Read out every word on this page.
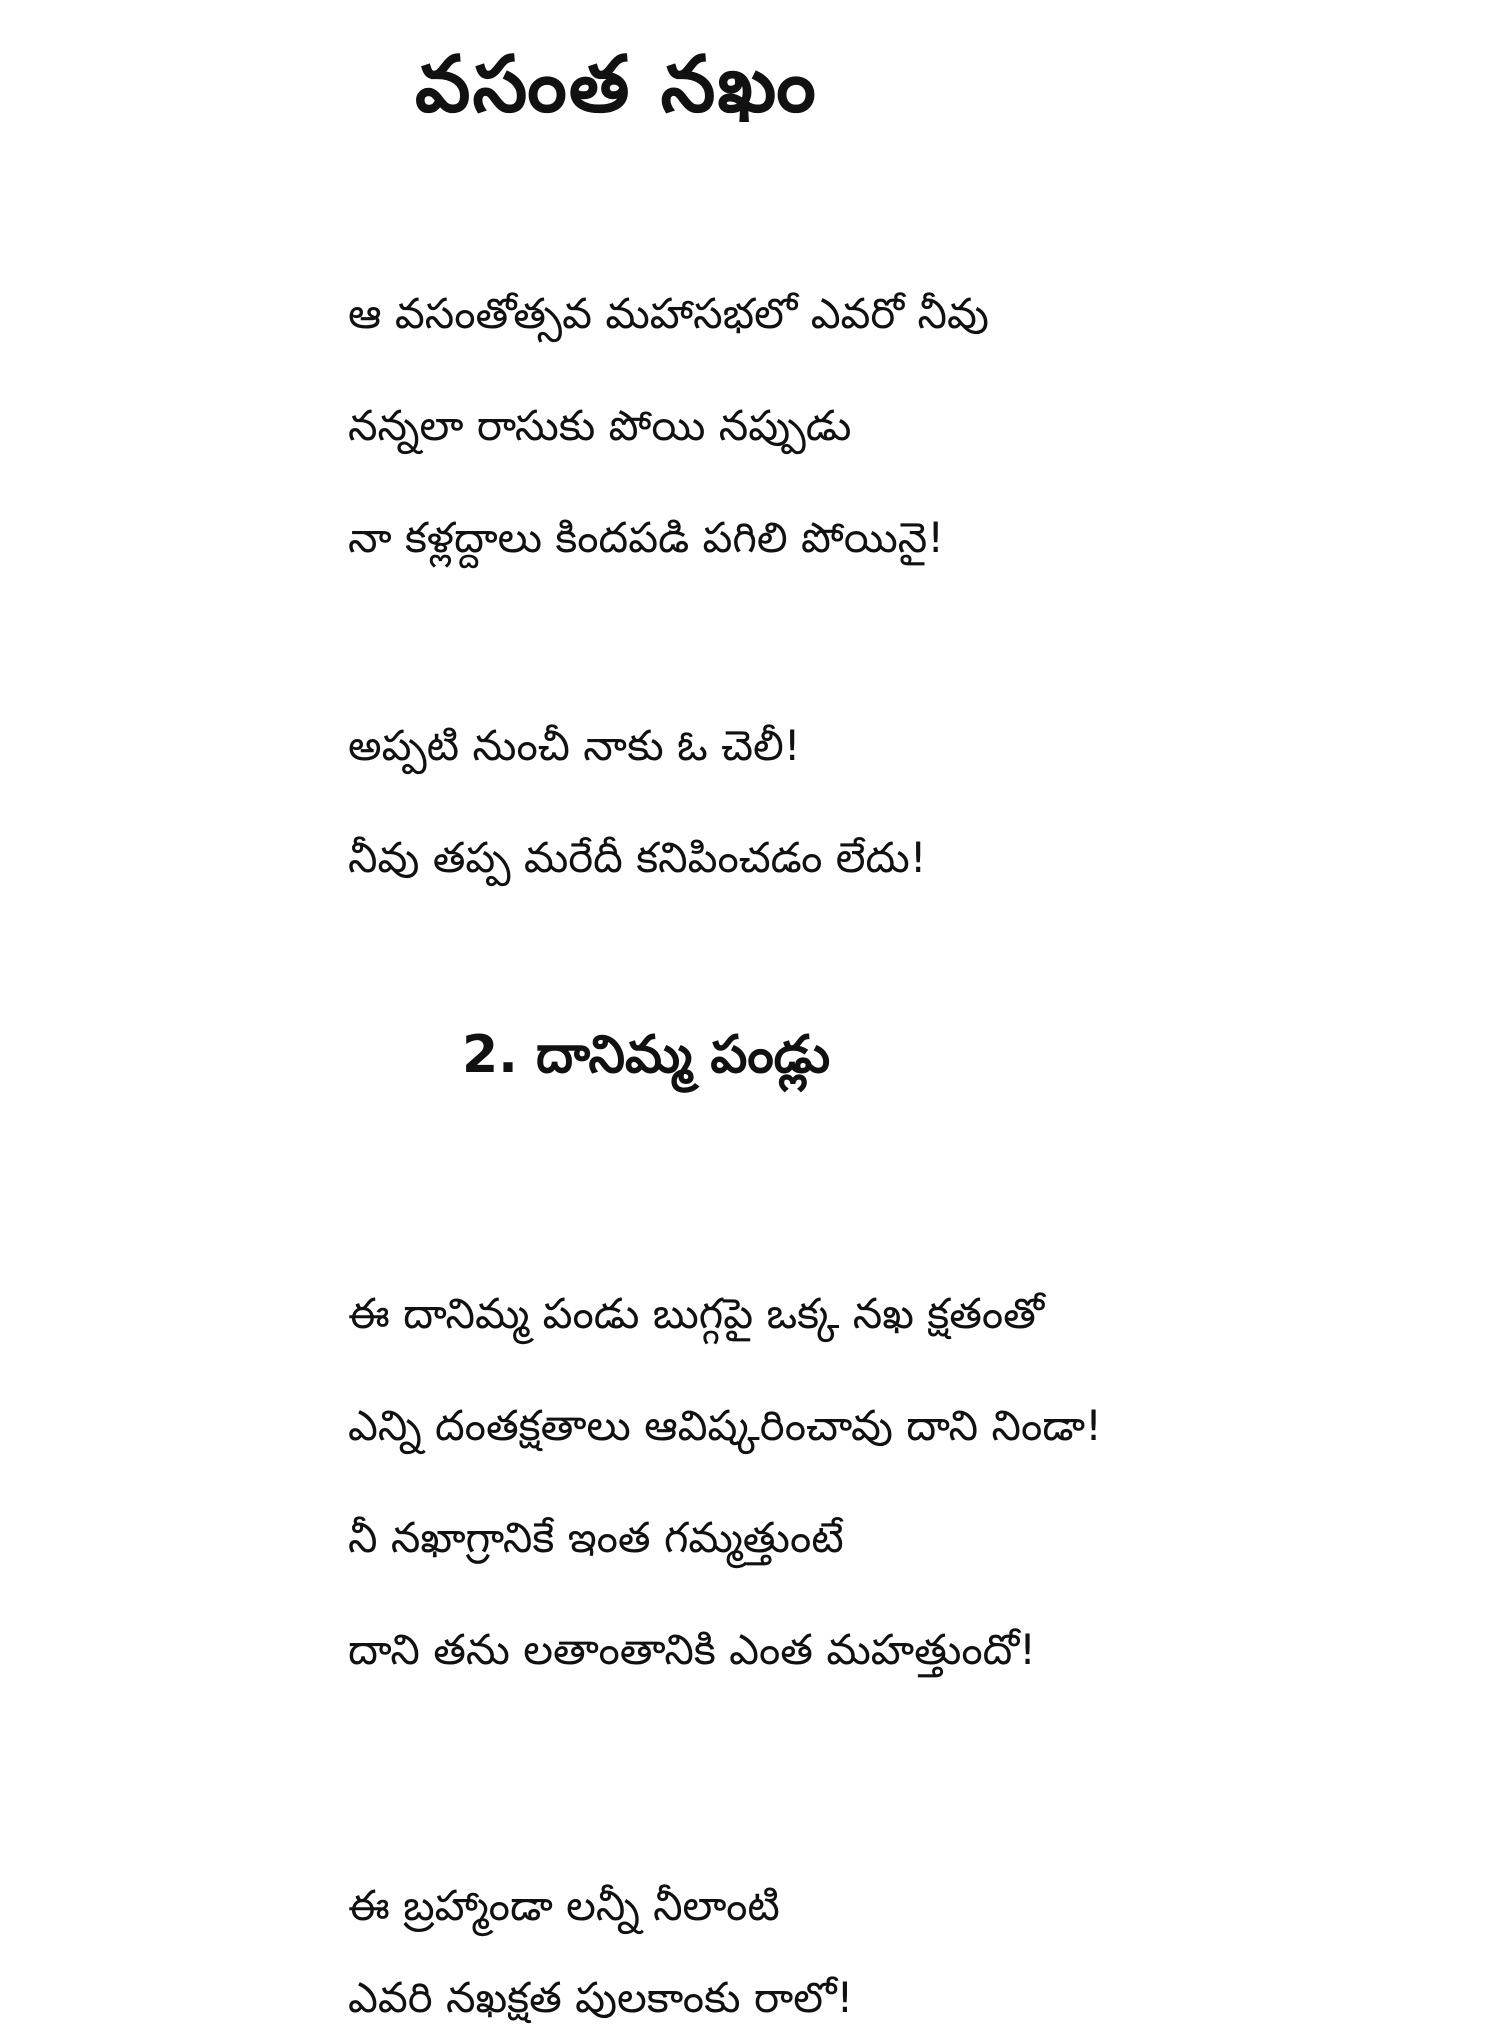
వసంత నఖం
ఆ వసంతోత్సవ మహాసభలో ఎవరో నీవు
నన్నలా రాసుకు పోయి నప్పుడు
నా కళ్లద్దాలు కిందపడి పగిలి పోయినై!
అప్పటి నుంచీ నాకు ఓ చెలీ!
నీవు తప్ప మరేదీ కనిపించడం లేదు!
2. దానిమ్మ పండ్లు
ఈ దానిమ్మ పండు బుగ్గపై ఒక్క నఖ క్షతంతో
ఎన్ని దంతక్షతాలు ఆవిష్కరించావు దాని నిండా!
నీ నఖాగ్రానికే ఇంత గమ్మత్తుంటే
దాని తను లతాంతానికి ఎంత మహత్తుందో!
ఈ బ్రహ్మాండా లన్నీ నీలాంటి
ఎవరి నఖక్షత పులకాంకు రాలో!
